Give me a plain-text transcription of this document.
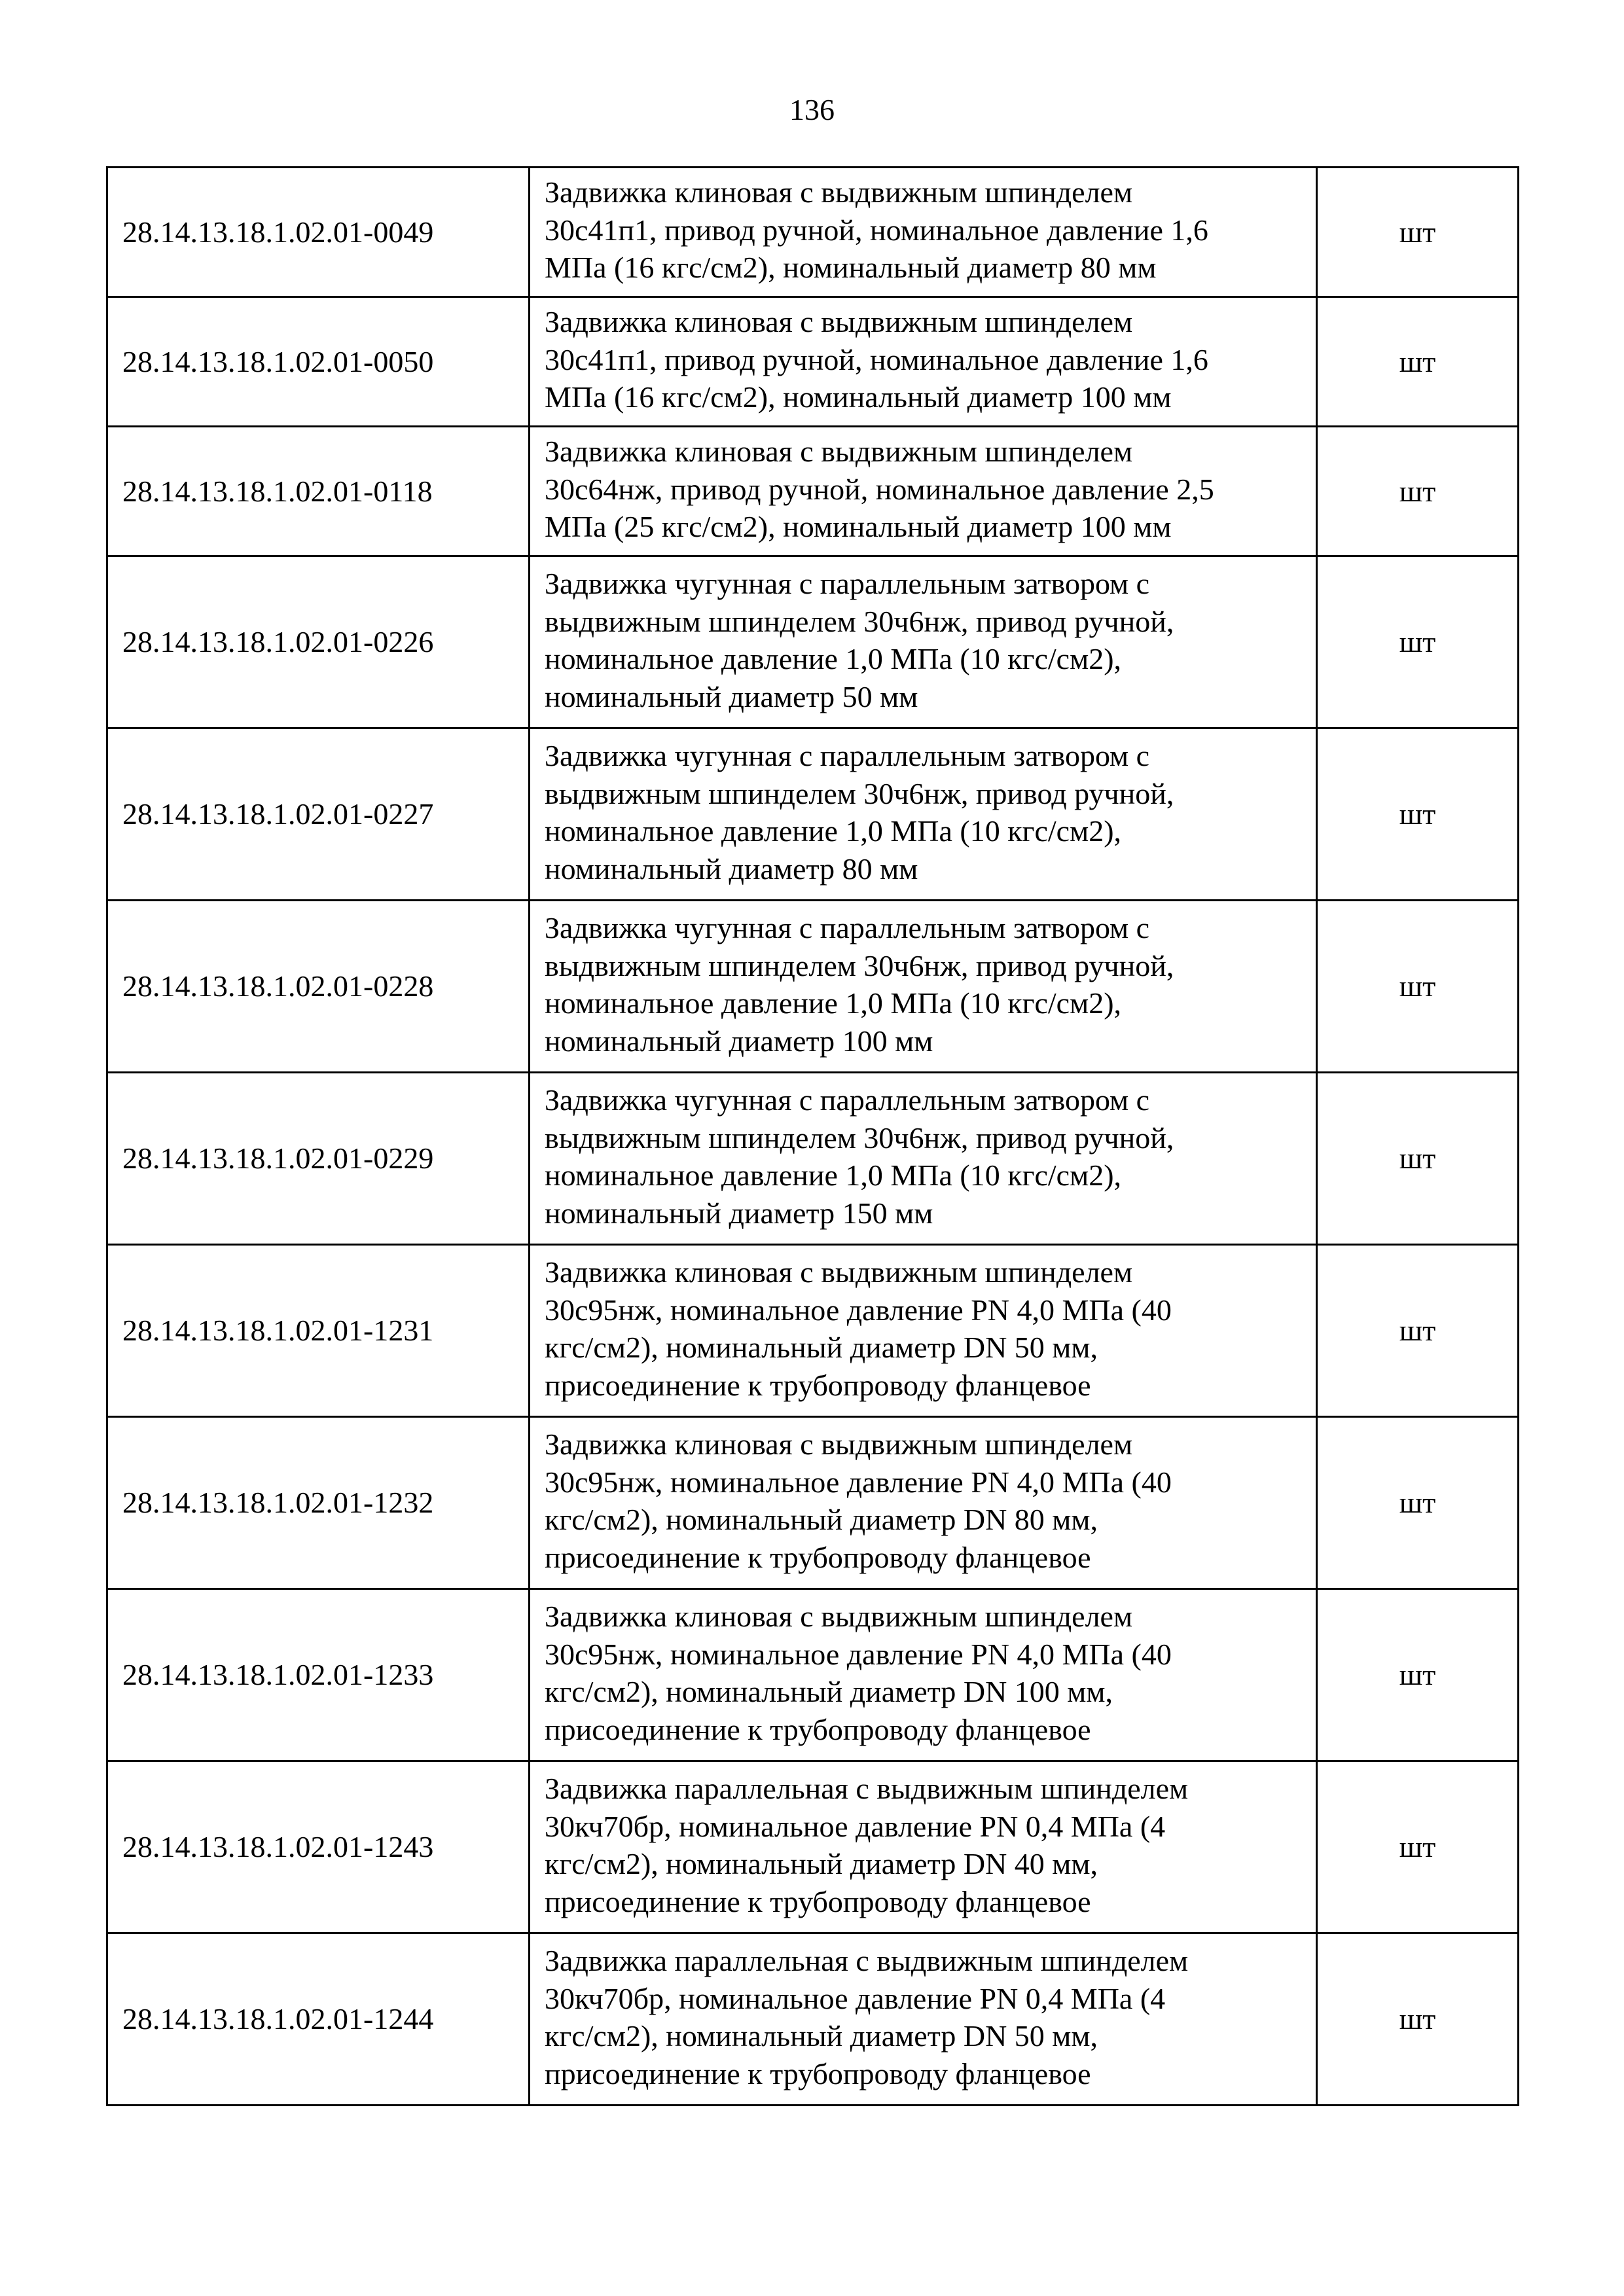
136
28.14.13.18.1.02.01-0049	Задвижка клиновая с выдвижным шпинделем
30с41п1, привод ручной, номинальное давление 1,6
МПа (16 кгс/см2), номинальный диаметр 80 мм	шт
28.14.13.18.1.02.01-0050	Задвижка клиновая с выдвижным шпинделем
30с41п1, привод ручной, номинальное давление 1,6
МПа (16 кгс/см2), номинальный диаметр 100 мм	шт
28.14.13.18.1.02.01-0118	Задвижка клиновая с выдвижным шпинделем
30с64нж, привод ручной, номинальное давление 2,5
МПа (25 кгс/см2), номинальный диаметр 100 мм	шт
28.14.13.18.1.02.01-0226	Задвижка чугунная с параллельным затвором с
выдвижным шпинделем 30ч6нж, привод ручной,
номинальное давление 1,0 МПа (10 кгс/см2),
номинальный диаметр 50 мм	шт
28.14.13.18.1.02.01-0227	Задвижка чугунная с параллельным затвором с
выдвижным шпинделем 30ч6нж, привод ручной,
номинальное давление 1,0 МПа (10 кгс/см2),
номинальный диаметр 80 мм	шт
28.14.13.18.1.02.01-0228	Задвижка чугунная с параллельным затвором с
выдвижным шпинделем 30ч6нж, привод ручной,
номинальное давление 1,0 МПа (10 кгс/см2),
номинальный диаметр 100 мм	шт
28.14.13.18.1.02.01-0229	Задвижка чугунная с параллельным затвором с
выдвижным шпинделем 30ч6нж, привод ручной,
номинальное давление 1,0 МПа (10 кгс/см2),
номинальный диаметр 150 мм	шт
28.14.13.18.1.02.01-1231	Задвижка клиновая с выдвижным шпинделем
30с95нж, номинальное давление PN 4,0 МПа (40
кгс/см2), номинальный диаметр DN 50 мм,
присоединение к трубопроводу фланцевое	шт
28.14.13.18.1.02.01-1232	Задвижка клиновая с выдвижным шпинделем
30с95нж, номинальное давление PN 4,0 МПа (40
кгс/см2), номинальный диаметр DN 80 мм,
присоединение к трубопроводу фланцевое	шт
28.14.13.18.1.02.01-1233	Задвижка клиновая с выдвижным шпинделем
30с95нж, номинальное давление PN 4,0 МПа (40
кгс/см2), номинальный диаметр DN 100 мм,
присоединение к трубопроводу фланцевое	шт
28.14.13.18.1.02.01-1243	Задвижка параллельная с выдвижным шпинделем
30кч70бр, номинальное давление PN 0,4 МПа (4
кгс/см2), номинальный диаметр DN 40 мм,
присоединение к трубопроводу фланцевое	шт
28.14.13.18.1.02.01-1244	Задвижка параллельная с выдвижным шпинделем
30кч70бр, номинальное давление PN 0,4 МПа (4
кгс/см2), номинальный диаметр DN 50 мм,
присоединение к трубопроводу фланцевое	шт
